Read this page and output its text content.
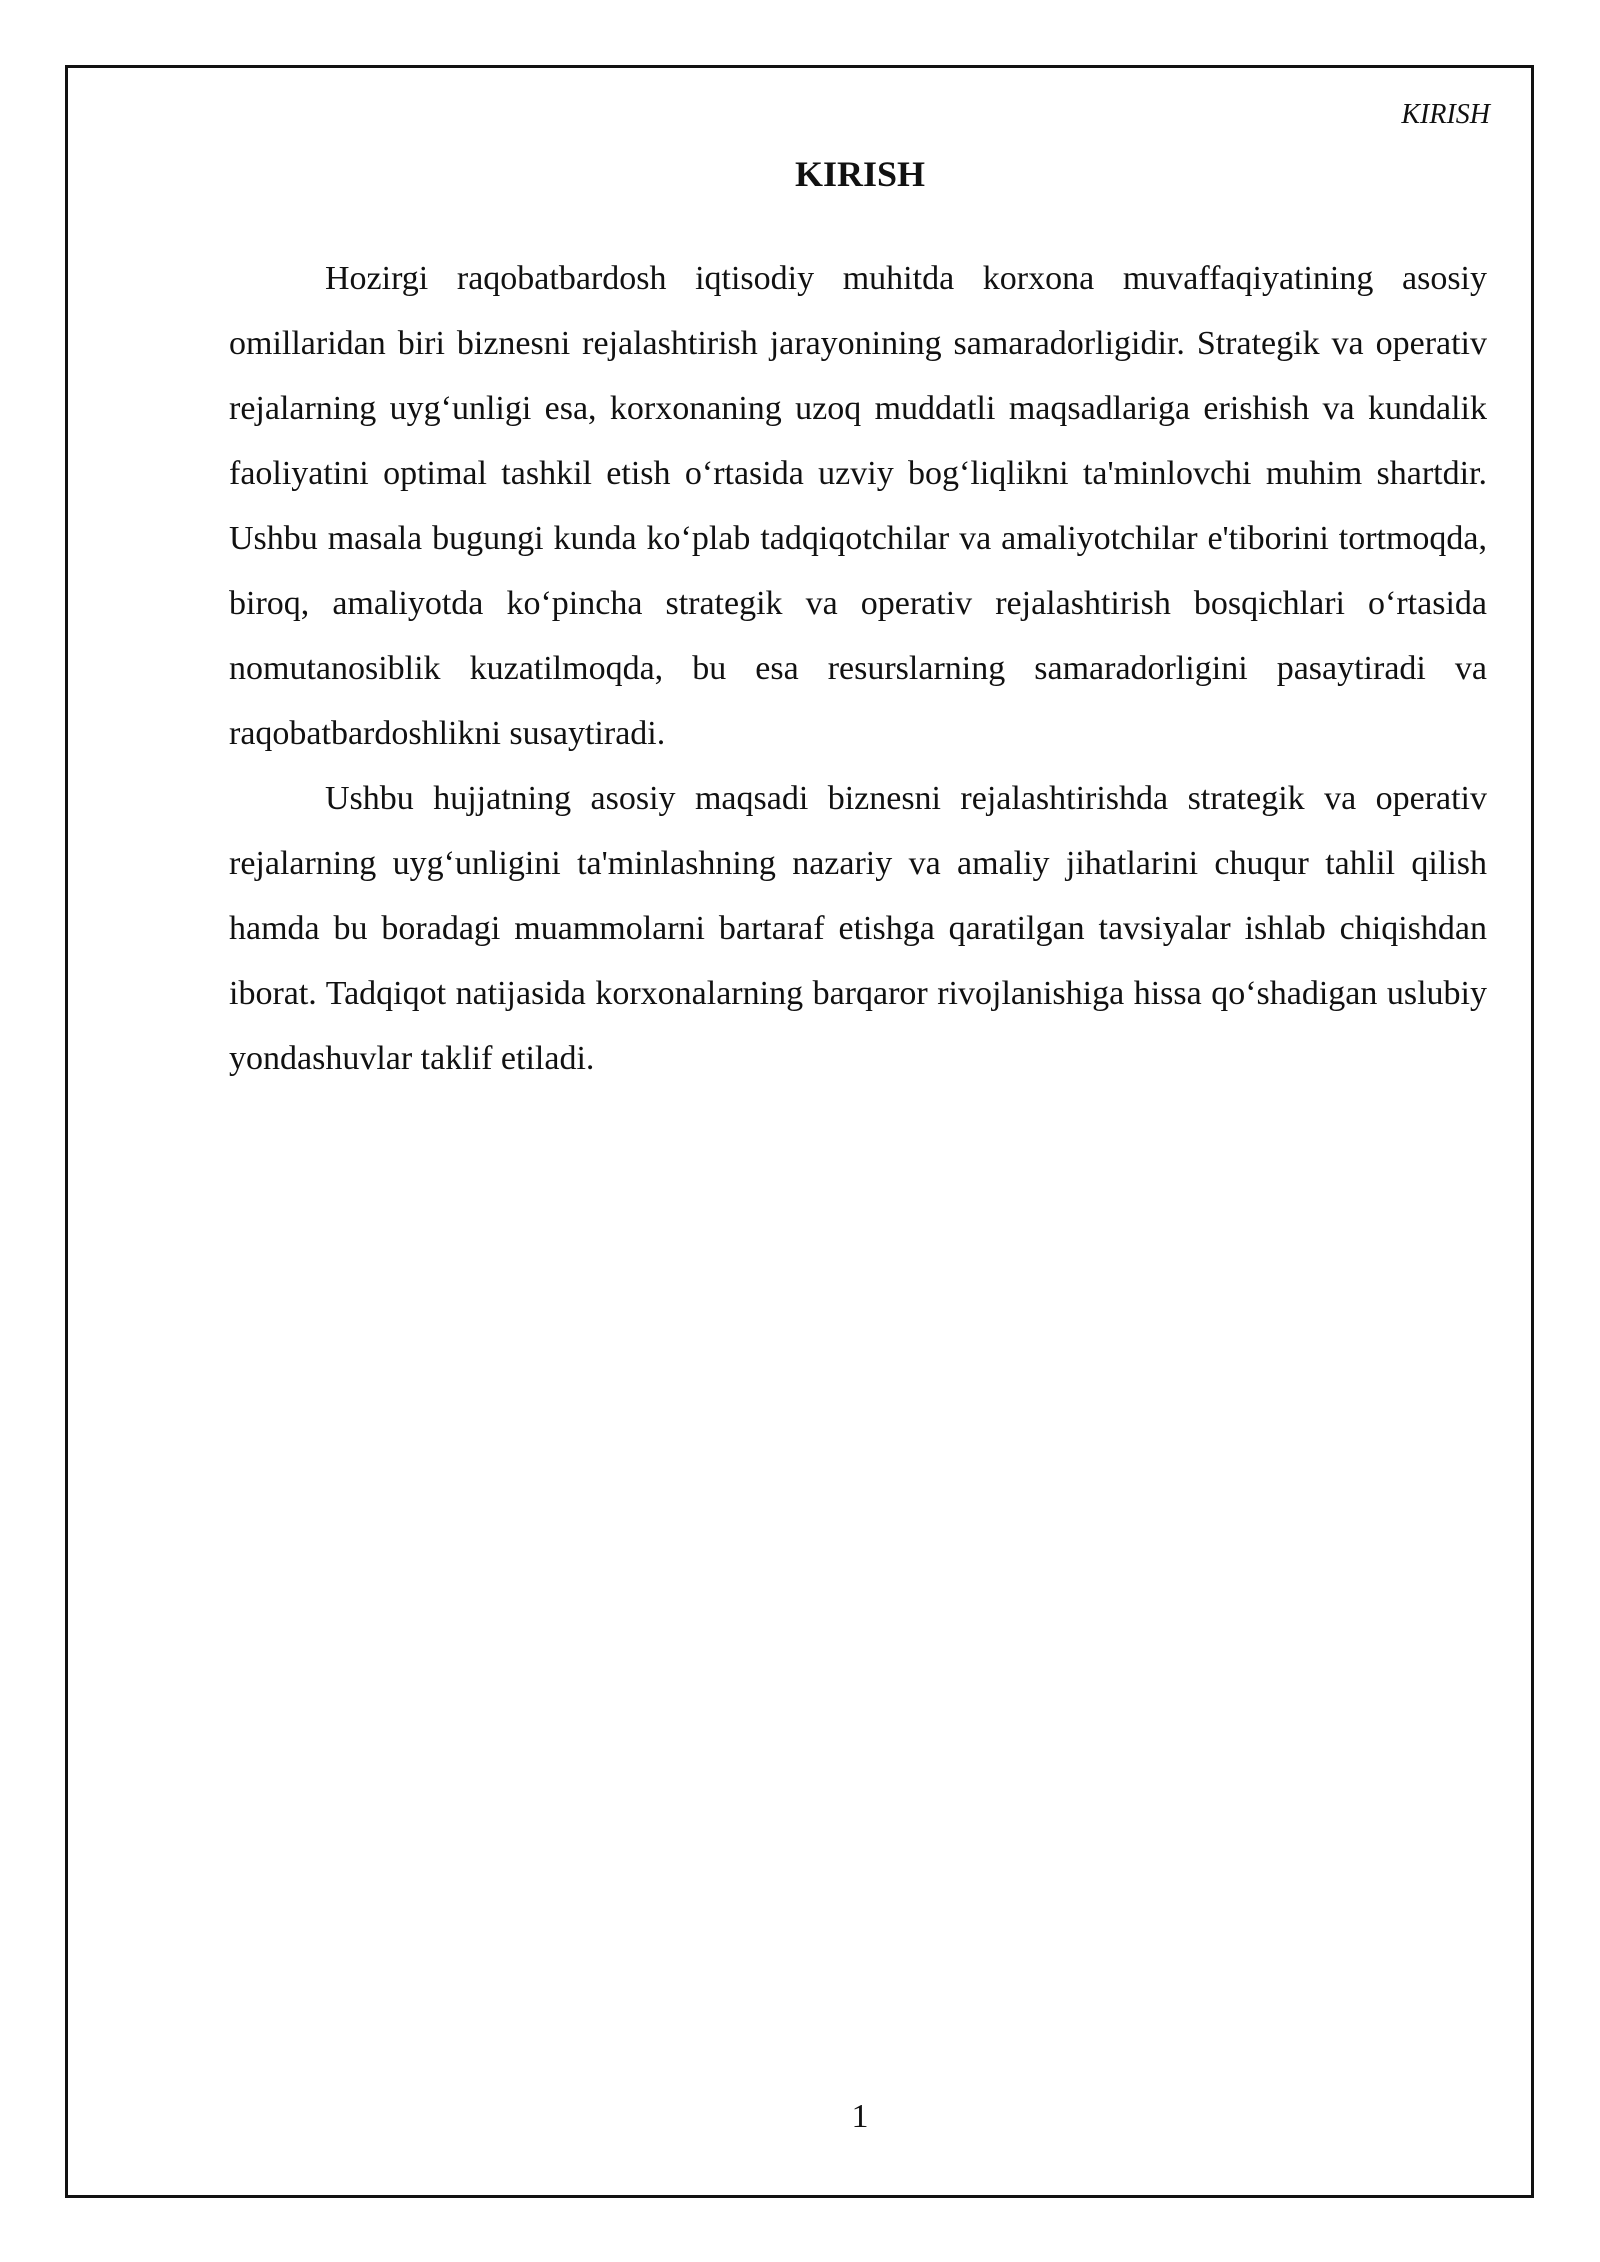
KIRISH
KIRISH

Hozirgi raqobatbardosh iqtisodiy muhitda korxona muvaffaqiyatining asosiy omillaridan biri biznesni rejalashtirish jarayonining samaradorligidir. Strategik va operativ rejalarning uyg‘unligi esa, korxonaning uzoq muddatli maqsadlariga erishish va kundalik faoliyatini optimal tashkil etish o‘rtasida uzviy bog‘liqlikni ta'minlovchi muhim shartdir. Ushbu masala bugungi kunda ko‘plab tadqiqotchilar va amaliyotchilar e'tiborini tortmoqda, biroq, amaliyotda ko‘pincha strategik va operativ rejalashtirish bosqichlari o‘rtasida nomutanosiblik kuzatilmoqda, bu esa resurslarning samaradorligini pasaytiradi va raqobatbardoshlikni susaytiradi.

Ushbu hujjatning asosiy maqsadi biznesni rejalashtirishda strategik va operativ rejalarning uyg‘unligini ta'minlashning nazariy va amaliy jihatlarini chuqur tahlil qilish hamda bu boradagi muammolarni bartaraf etishga qaratilgan tavsiyalar ishlab chiqishdan iborat. Tadqiqot natijasida korxonalarning barqaror rivojlanishiga hissa qo‘shadigan uslubiy yondashuvlar taklif etiladi.

1
